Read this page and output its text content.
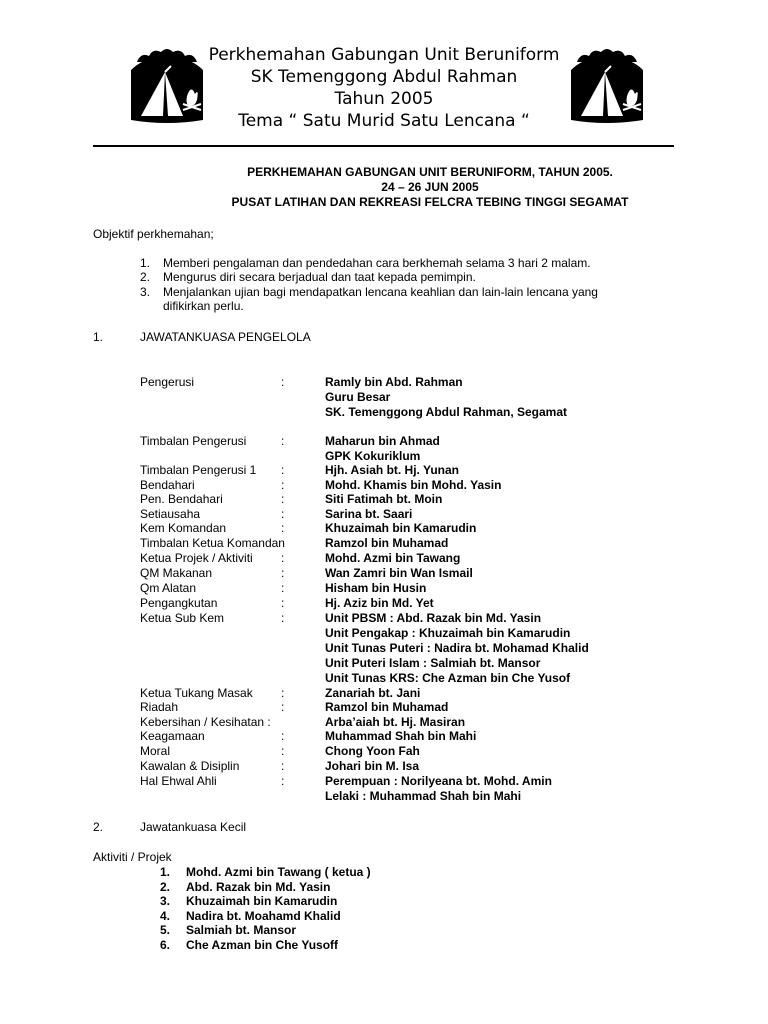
Perkhemahan Gabungan Unit Beruniform
SK Temenggong Abdul Rahman
Tahun 2005
Tema “ Satu Murid Satu Lencana “
PERKHEMAHAN GABUNGAN UNIT BERUNIFORM, TAHUN 2005.
24 – 26 JUN 2005
PUSAT LATIHAN DAN REKREASI FELCRA TEBING TINGGI SEGAMAT
Objektif perkhemahan;
1. Memberi pengalaman dan pendedahan cara berkhemah selama 3 hari 2 malam.
2. Mengurus diri secara berjadual dan taat kepada pemimpin.
3. Menjalankan ujian bagi mendapatkan lencana keahlian dan lain-lain lencana yang
difikirkan perlu.
1.	JAWATANKUASA PENGELOLA
Pengerusi	:	Ramly bin Abd. Rahman
Guru Besar
SK. Temenggong Abdul Rahman, Segamat
Timbalan Pengerusi	:	Maharun bin Ahmad
GPK Kokuriklum
Timbalan Pengerusi 1 :	Hjh. Asiah bt. Hj. Yunan
Bendahari	:	Mohd. Khamis bin Mohd. Yasin
Pen. Bendahari	:	Siti Fatimah bt. Moin
Setiausaha	:	Sarina bt. Saari
Kem Komandan	:	Khuzaimah bin Kamarudin
Timbalan Ketua Komandan	Ramzol bin Muhamad
Ketua Projek / Aktiviti :	Mohd. Azmi bin Tawang
QM Makanan	:	Wan Zamri bin Wan Ismail
Qm Alatan	:	Hisham bin Husin
Pengangkutan	:	Hj. Aziz bin Md. Yet
Ketua Sub Kem	:	Unit PBSM : Abd. Razak bin Md. Yasin
Unit Pengakap : Khuzaimah bin Kamarudin
Unit Tunas Puteri : Nadira bt. Mohamad Khalid
Unit Puteri Islam : Salmiah bt. Mansor
Unit Tunas KRS: Che Azman bin Che Yusof
Ketua Tukang Masak :	Zanariah bt. Jani
Riadah	:	Ramzol bin Muhamad
Kebersihan / Kesihatan :	Arba’aiah bt. Hj. Masiran
Keagamaan	:	Muhammad Shah bin Mahi
Moral	:	Chong Yoon Fah
Kawalan & Disiplin	:	Johari bin M. Isa
Hal Ehwal Ahli	:	Perempuan : Norilyeana bt. Mohd. Amin
Lelaki : Muhammad Shah bin Mahi
2.	Jawatankuasa Kecil
Aktiviti / Projek
1. Mohd. Azmi bin Tawang ( ketua )
2. Abd. Razak bin Md. Yasin
3. Khuzaimah bin Kamarudin
4. Nadira bt. Moahamd Khalid
5. Salmiah bt. Mansor
6. Che Azman bin Che Yusoff
